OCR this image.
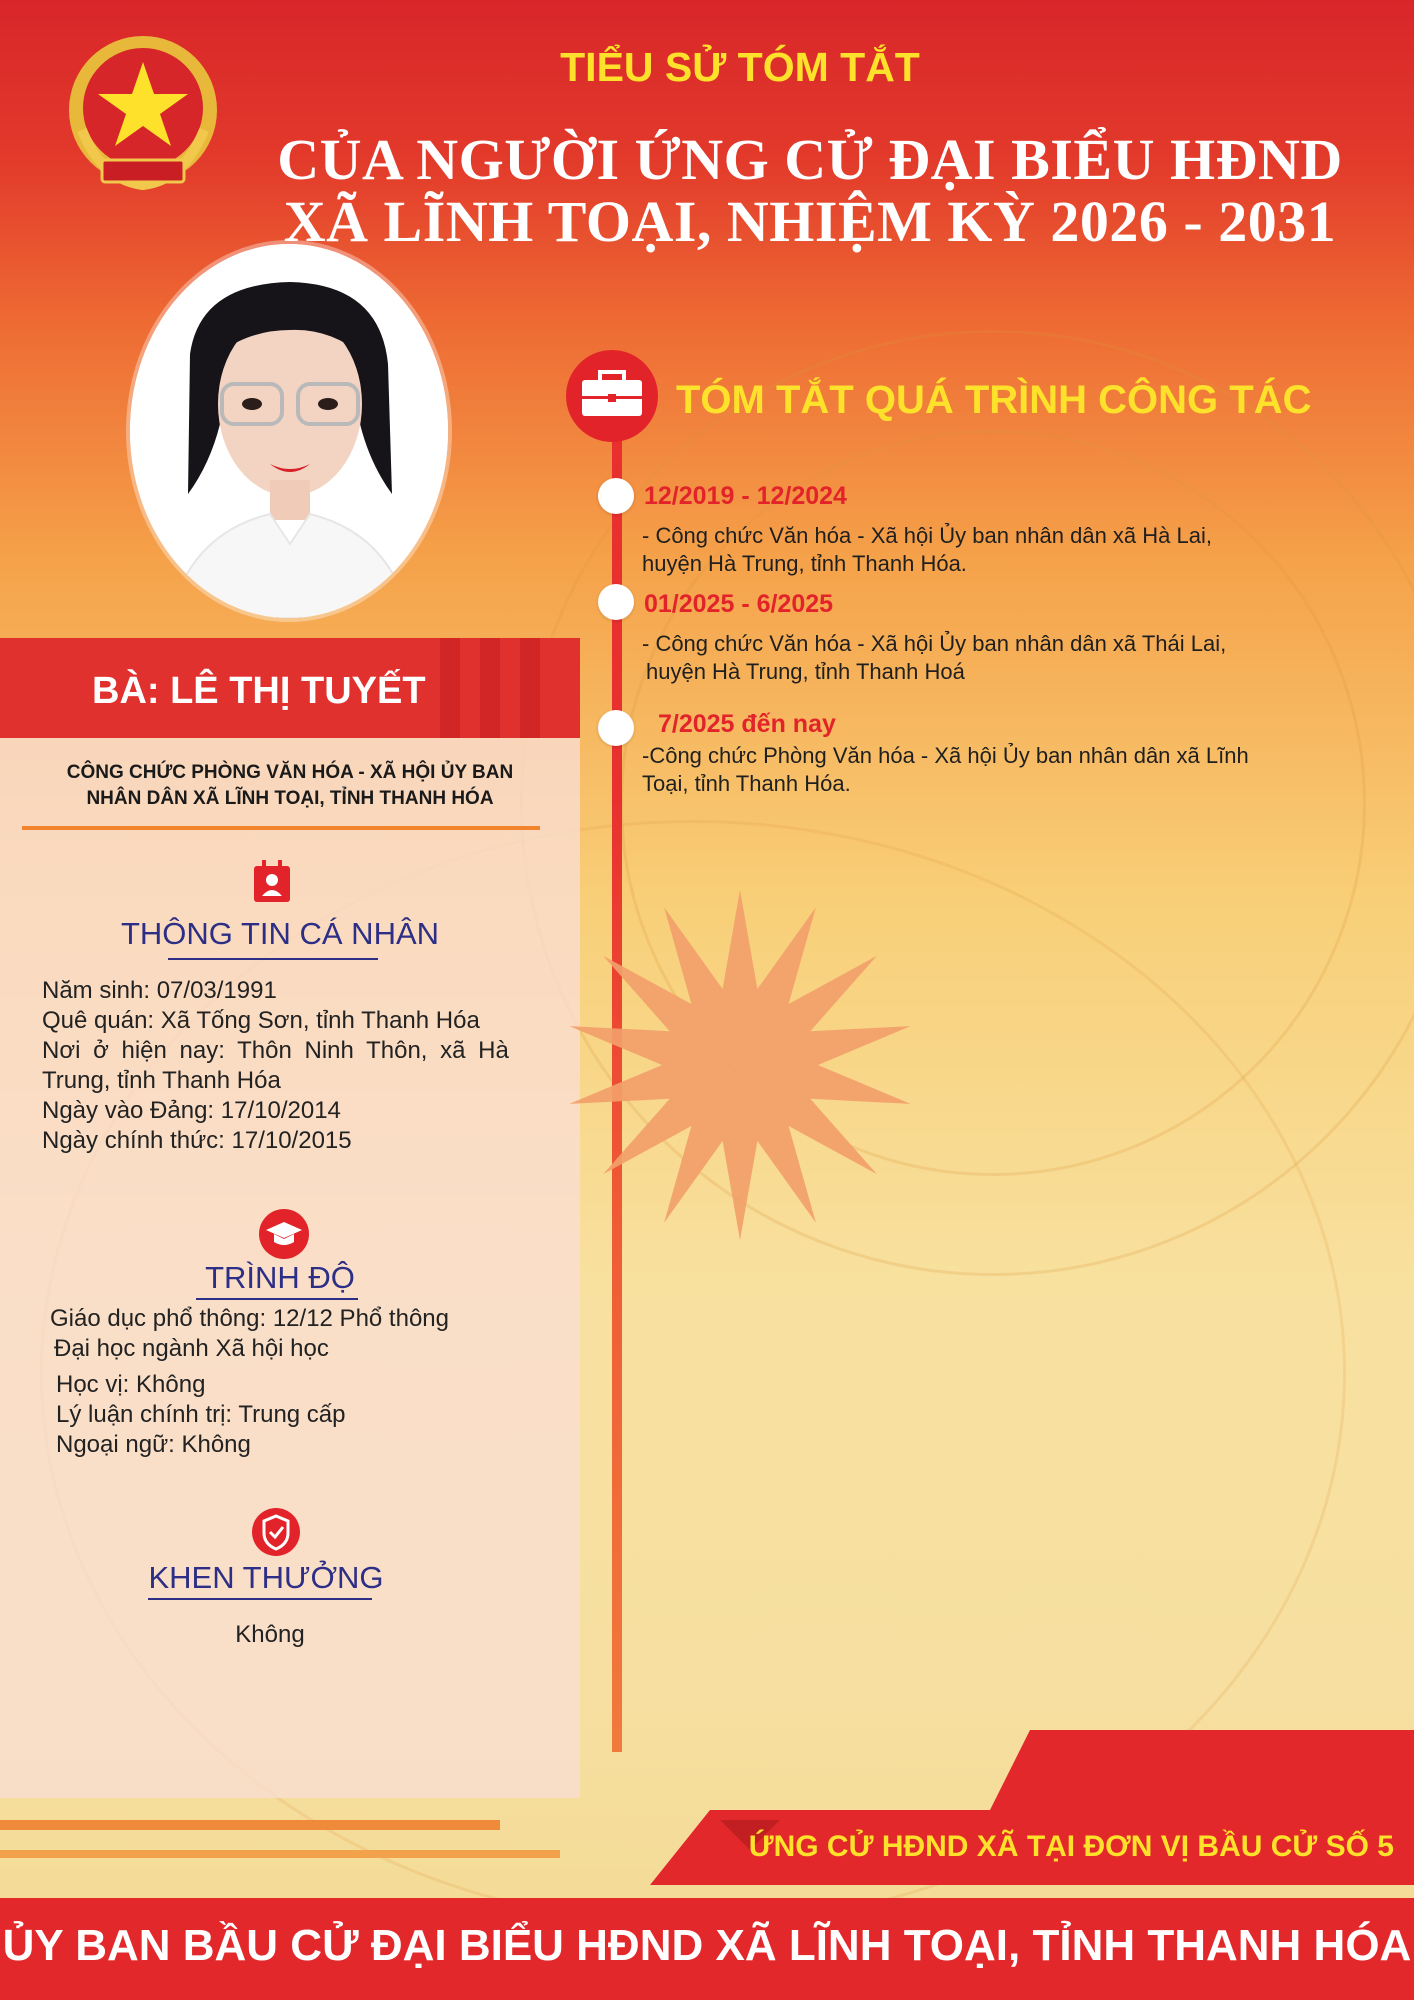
TIỂU SỬ TÓM TẮT
CỦA NGƯỜI ỨNG CỬ ĐẠI BIỂU HĐND
XÃ LĨNH TOẠI, NHIỆM KỲ 2026 - 2031
BÀ: LÊ THỊ TUYẾT
CÔNG CHỨC PHÒNG VĂN HÓA - XÃ HỘI ỦY BAN
NHÂN DÂN XÃ LĨNH TOẠI, TỈNH THANH HÓA
THÔNG TIN CÁ NHÂN
Năm sinh: 07/03/1991
Quê quán: Xã Tống Sơn, tỉnh Thanh Hóa
Nơi ở hiện nay: Thôn Ninh Thôn, xã Hà
Trung, tỉnh Thanh Hóa
Ngày vào Đảng: 17/10/2014
Ngày chính thức: 17/10/2015
TRÌNH ĐỘ
Giáo dục phổ thông: 12/12 Phổ thông
Đại học ngành Xã hội học
Học vị: Không
Lý luận chính trị: Trung cấp
Ngoại ngữ: Không
KHEN THƯỞNG
Không
TÓM TẮT QUÁ TRÌNH CÔNG TÁC
12/2019 - 12/2024
- Công chức Văn hóa - Xã hội Ủy ban nhân dân xã Hà Lai,
huyện Hà Trung, tỉnh Thanh Hóa.
01/2025 - 6/2025
- Công chức Văn hóa - Xã hội Ủy ban nhân dân xã Thái Lai,
huyện Hà Trung, tỉnh Thanh Hoá
7/2025 đến nay
-Công chức Phòng Văn hóa - Xã hội Ủy ban nhân dân xã Lĩnh
Toại, tỉnh Thanh Hóa.
ỨNG CỬ HĐND XÃ TẠI ĐƠN VỊ BẦU CỬ SỐ 5
ỦY BAN BẦU CỬ ĐẠI BIỂU HĐND XÃ LĨNH TOẠI, TỈNH THANH HÓA
